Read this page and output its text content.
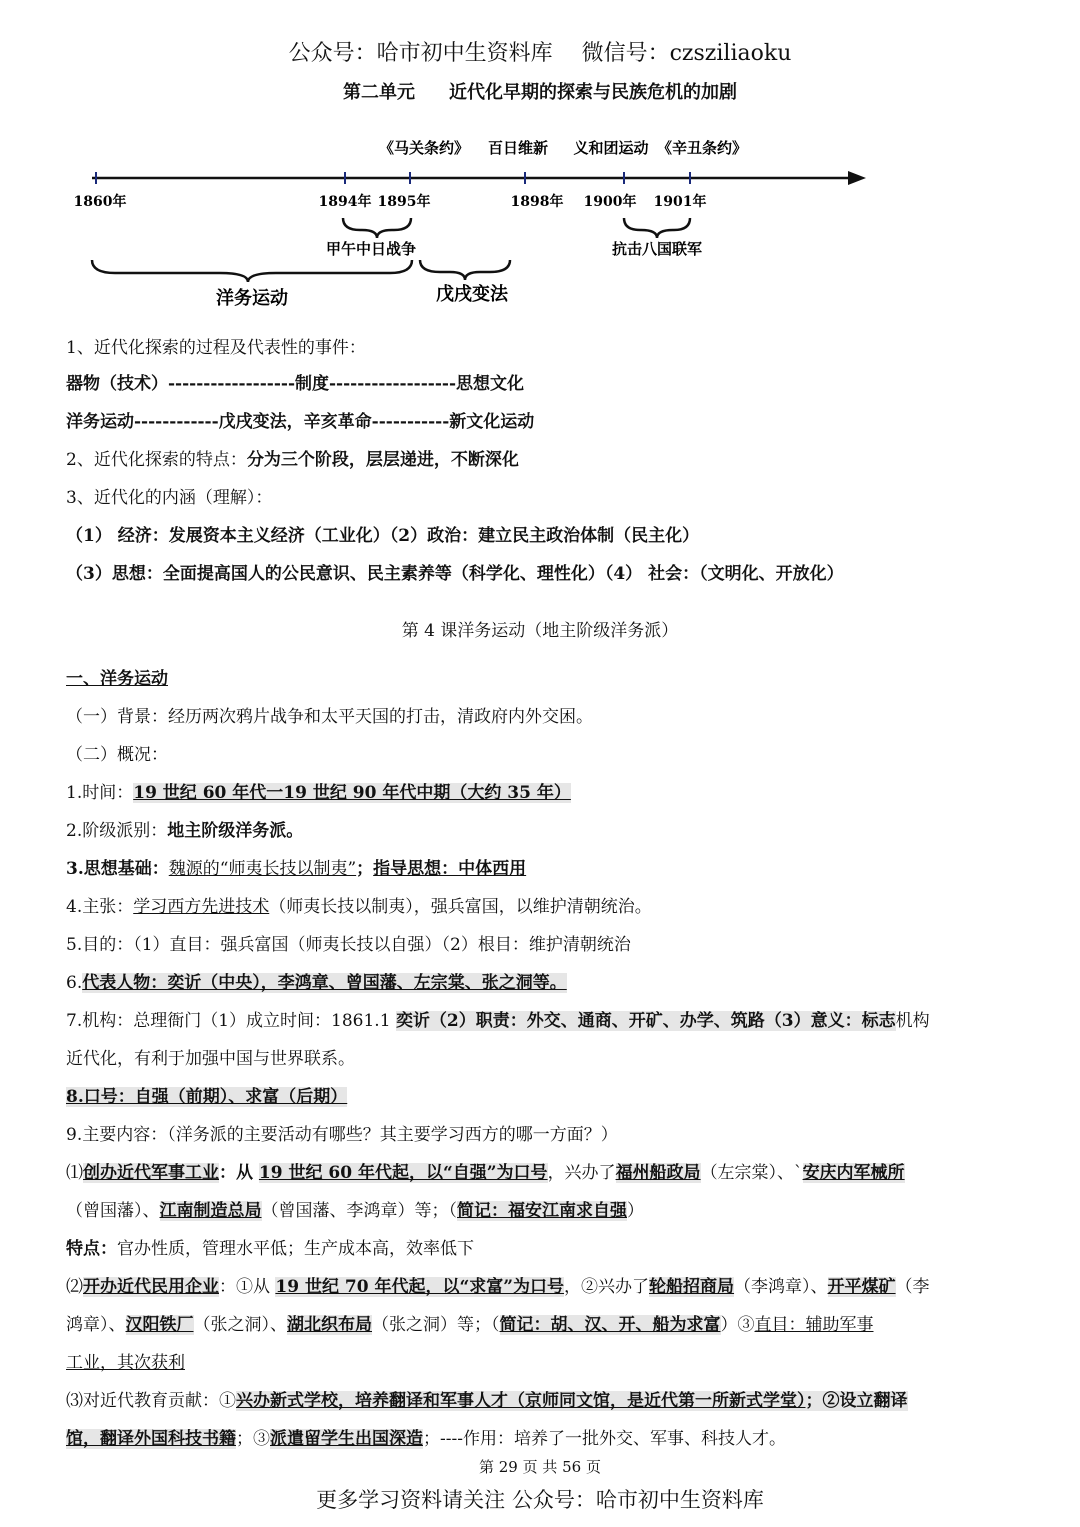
公众号：哈市初中生资料库　 微信号：czsziliaoku
第二单元 近代化早期的探索与民族危机的加剧
《马关条约》 百日维新 义和团运动 《辛丑条约》
1860年	1894年 1895年	1898年 1900年 1901年
甲午中日战争	抗击八国联军
洋务运动	戊戌变法
1、近代化探索的过程及代表性的事件：
器物（技术）------------------制度------------------思想文化
洋务运动------------戊戌变法，辛亥革命-----------新文化运动
2、近代化探索的特点：分为三个阶段，层层递进，不断深化
3、近代化的内涵（理解）：
（1） 经济：发展资本主义经济（工业化）（2）政治：建立民主政治体制（民主化）
（3）思想：全面提高国人的公民意识、民主素养等（科学化、理性化）（4） 社会：（文明化、开放化）
第 4 课洋务运动（地主阶级洋务派）
一、洋务运动
（一）背景：经历两次鸦片战争和太平天国的打击，清政府内外交困。
（二）概况：
1.时间：19 世纪 60 年代一19 世纪 90 年代中期（大约 35 年）
2.阶级派别：地主阶级洋务派。
3.思想基础：魏源的“师夷长技以制夷”；指导思想：中体西用
4.主张：学习西方先进技术（师夷长技以制夷），强兵富国，以维护清朝统治。
5.目的：（1）直目：强兵富国（师夷长技以自强）（2）根目：维护清朝统治
6.代表人物：奕䜣（中央），李鸿章、曾国藩、左宗棠、张之洞等。
7.机构：总理衙门（1）成立时间：1861.1 奕䜣（2）职责：外交、通商、开矿、办学、筑路（3）意义：标志机构
近代化，有利于加强中国与世界联系。
8.口号：自强（前期）、求富（后期）
9.主要内容：（洋务派的主要活动有哪些？其主要学习西方的哪一方面？）
⑴创办近代军事工业：从 19 世纪 60 年代起，以“自强”为口号，兴办了福州船政局（左宗棠）、`安庆内军械所
（曾国藩）、江南制造总局（曾国藩、李鸿章）等；（简记：福安江南求自强）
特点：官办性质，管理水平低；生产成本高，效率低下
⑵开办近代民用企业：①从 19 世纪 70 年代起，以“求富”为口号，②兴办了轮船招商局（李鸿章）、开平煤矿（李
鸿章）、汉阳铁厂（张之洞）、湖北织布局（张之洞）等；（简记：胡、汉、开、船为求富）③直目：辅助军事
工业，其次获利
⑶对近代教育贡献：①兴办新式学校，培养翻译和军事人才（京师同文馆，是近代第一所新式学堂）；②设立翻译
馆，翻译外国科技书籍；③派遣留学生出国深造；----作用：培养了一批外交、军事、科技人才。
第 29 页 共 56 页
更多学习资料请关注 公众号：哈市初中生资料库
